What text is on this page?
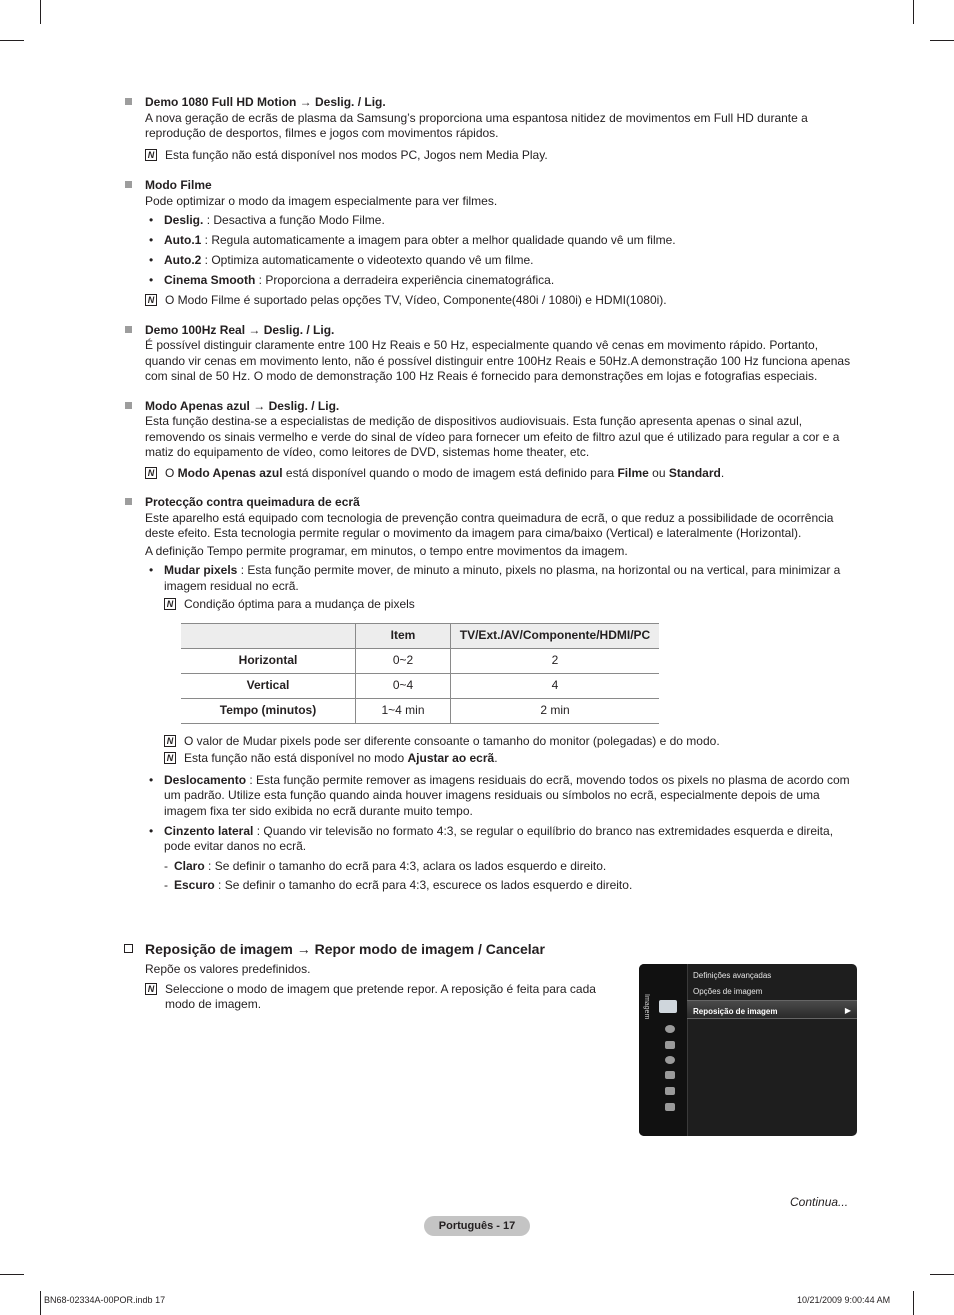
Demo 1080 Full HD Motion → Deslig. / Lig.

A nova geração de ecrãs de plasma da Samsung’s proporciona uma espantosa nitidez de movimentos em Full HD durante a reprodução de desportos, filmes e jogos com movimentos rápidos.

N Esta função não está disponível nos modos PC, Jogos nem Media Play.

Modo Filme

Pode optimizar o modo da imagem especialmente para ver filmes.

• Deslig. : Desactiva a função Modo Filme.
• Auto.1 : Regula automaticamente a imagem para obter a melhor qualidade quando vê um filme.
• Auto.2 : Optimiza automaticamente o videotexto quando vê um filme.
• Cinema Smooth : Proporciona a derradeira experiência cinematográfica.
N O Modo Filme é suportado pelas opções TV, Vídeo, Componente(480i / 1080i) e HDMI(1080i).

Demo 100Hz Real → Deslig. / Lig.

É possível distinguir claramente entre 100 Hz Reais e 50 Hz, especialmente quando vê cenas em movimento rápido. Portanto, quando vir cenas em movimento lento, não é possível distinguir entre 100Hz Reais e 50Hz.A demonstração 100 Hz funciona apenas com sinal de 50 Hz. O modo de demonstração 100 Hz Reais é fornecido para demonstrações em lojas e fotografias especiais.

Modo Apenas azul → Deslig. / Lig.

Esta função destina-se a especialistas de medição de dispositivos audiovisuais. Esta função apresenta apenas o sinal azul, removendo os sinais vermelho e verde do sinal de vídeo para fornecer um efeito de filtro azul que é utilizado para regular a cor e a matiz do equipamento de vídeo, como leitores de DVD, sistemas home theater, etc.

N O Modo Apenas azul está disponível quando o modo de imagem está definido para Filme ou Standard.

Protecção contra queimadura de ecrã

Este aparelho está equipado com tecnologia de prevenção contra queimadura de ecrã, o que reduz a possibilidade de ocorrência deste efeito. Esta tecnologia permite regular o movimento da imagem para cima/baixo (Vertical) e lateralmente (Horizontal).

A definição Tempo permite programar, em minutos, o tempo entre movimentos da imagem.

• Mudar pixels : Esta função permite mover, de minuto a minuto, pixels no plasma, na horizontal ou na vertical, para minimizar a imagem residual no ecrã.
N Condição óptima para a mudança de pixels
	Item	TV/Ext./AV/Componente/HDMI/PC
Horizontal	0~2	2
Vertical	0~4	4
Tempo (minutos)	1~4 min	2 min
N O valor de Mudar pixels pode ser diferente consoante o tamanho do monitor (polegadas) e do modo.
N Esta função não está disponível no modo Ajustar ao ecrã.
• Deslocamento : Esta função permite remover as imagens residuais do ecrã, movendo todos os pixels no plasma de acordo com um padrão. Utilize esta função quando ainda houver imagens residuais ou símbolos no ecrã, especialmente depois de uma imagem fixa ter sido exibida no ecrã durante muito tempo.
• Cinzento lateral : Quando vir televisão no formato 4:3, se regular o equilíbrio do branco nas extremidades esquerda e direita, pode evitar danos no ecrã.
- Claro : Se definir o tamanho do ecrã para 4:3, aclara os lados esquerdo e direito.
- Escuro : Se definir o tamanho do ecrã para 4:3, escurece os lados esquerdo e direito.
Reposição de imagem → Repor modo de imagem / Cancelar

Repõe os valores predefinidos.

N Seleccione o modo de imagem que pretende repor. A reposição é feita para cada modo de imagem.	Imagem
Definições avançadas
Opções de imagem
Reposição de imagem	▶
Continua...
Português - 17
BN68-02334A-00POR.indb 17	10/21/2009 9:00:44 AM
